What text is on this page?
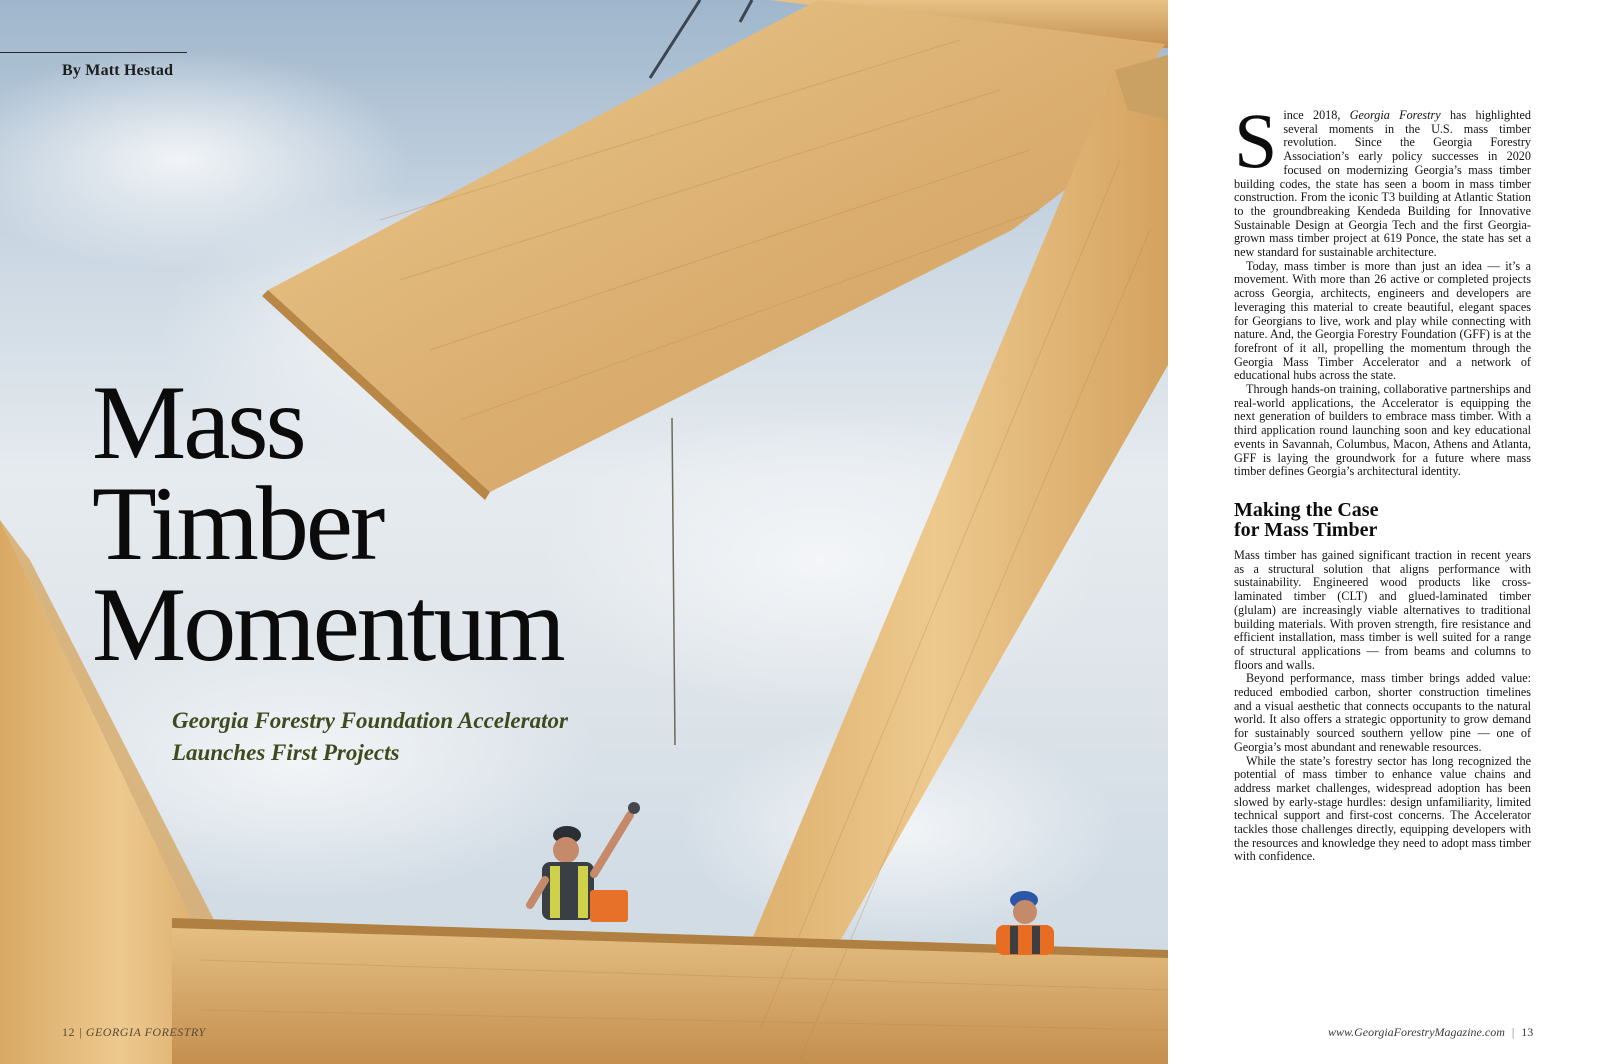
By Matt Hestad
Mass
Timber
Momentum
Georgia Forestry Foundation Accelerator
Launches First Projects
12 | GEORGIA FORESTRY

Since 2018, Georgia Forestry has highlighted several moments in the U.S. mass timber revolution. Since the Georgia Forestry Association’s early policy successes in 2020 focused on modernizing Georgia’s mass timber building codes, the state has seen a boom in mass timber construction. From the iconic T3 building at Atlantic Station to the groundbreaking Kendeda Building for Innovative Sustainable Design at Georgia Tech and the first Georgia-grown mass timber project at 619 Ponce, the state has set a new standard for sustainable architecture.

Today, mass timber is more than just an idea — it’s a movement. With more than 26 active or completed projects across Georgia, architects, engineers and developers are leveraging this material to create beautiful, elegant spaces for Georgians to live, work and play while connecting with nature. And, the Georgia Forestry Foundation (GFF) is at the forefront of it all, propelling the momentum through the Georgia Mass Timber Accelerator and a network of educational hubs across the state.

Through hands-on training, collaborative partnerships and real-world applications, the Accelerator is equipping the next generation of builders to embrace mass timber. With a third application round launching soon and key educational events in Savannah, Columbus, Macon, Athens and Atlanta, GFF is laying the groundwork for a future where mass timber defines Georgia’s architectural identity.

Making the Case
for Mass Timber

Mass timber has gained significant traction in recent years as a structural solution that aligns performance with sustainability. Engineered wood products like cross-laminated timber (CLT) and glued-laminated timber (glulam) are increasingly viable alternatives to traditional building materials. With proven strength, fire resistance and efficient installation, mass timber is well suited for a range of structural applications — from beams and columns to floors and walls.

Beyond performance, mass timber brings added value: reduced embodied carbon, shorter construction timelines and a visual aesthetic that connects occupants to the natural world. It also offers a strategic opportunity to grow demand for sustainably sourced southern yellow pine — one of Georgia’s most abundant and renewable resources.

While the state’s forestry sector has long recognized the potential of mass timber to enhance value chains and address market challenges, widespread adoption has been slowed by early-stage hurdles: design unfamiliarity, limited technical support and first-cost concerns. The Accelerator tackles those challenges directly, equipping developers with the resources and knowledge they need to adopt mass timber with confidence.

www.GeorgiaForestryMagazine.com | 13
